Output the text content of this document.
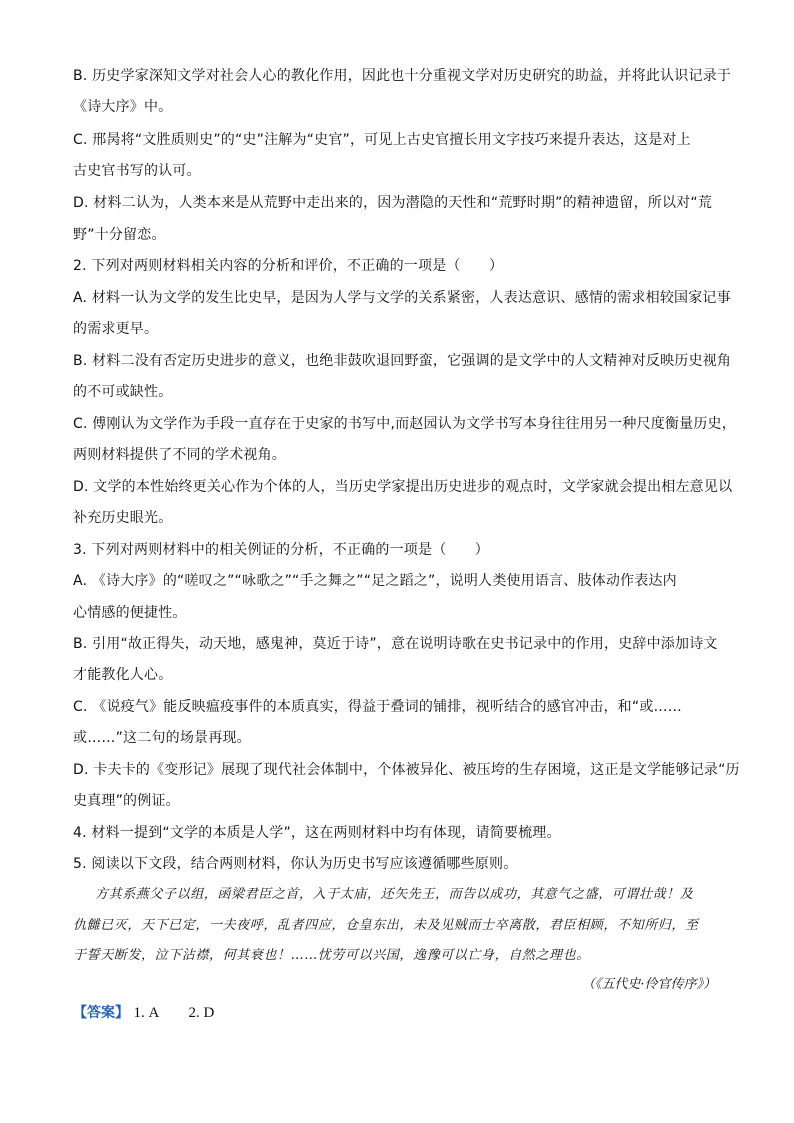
B. 历史学家深知文学对社会人心的教化作用，因此也十分重视文学对历史研究的助益，并将此认识记录于
《诗大序》中。
C. 邢昺将“文胜质则史”的“史”注解为“史官”，可见上古史官擅长用文字技巧来提升表达，这是对上
古史官书写的认可。
D. 材料二认为，人类本来是从荒野中走出来的，因为潜隐的天性和“荒野时期”的精神遗留，所以对“荒
野”十分留恋。
2. 下列对两则材料相关内容的分析和评价，不正确的一项是（　　）
A. 材料一认为文学的发生比史早，是因为人学与文学的关系紧密，人表达意识、感情的需求相较国家记事
的需求更早。
B. 材料二没有否定历史进步的意义，也绝非鼓吹退回野蛮，它强调的是文学中的人文精神对反映历史视角
的不可或缺性。
C. 傅刚认为文学作为手段一直存在于史家的书写中,而赵园认为文学书写本身往往用另一种尺度衡量历史，
两则材料提供了不同的学术视角。
D. 文学的本性始终更关心作为个体的人，当历史学家提出历史进步的观点时，文学家就会提出相左意见以
补充历史眼光。
3. 下列对两则材料中的相关例证的分析，不正确的一项是（　　）
A. 《诗大序》的“嗟叹之”“咏歌之”“手之舞之”“足之蹈之”，说明人类使用语言、肢体动作表达内
心情感的便捷性。
B. 引用“故正得失，动天地，感鬼神，莫近于诗”，意在说明诗歌在史书记录中的作用，史辞中添加诗文
才能教化人心。
C. 《说疫气》能反映瘟疫事件的本质真实，得益于叠词的铺排，视听结合的感官冲击，和“或……
或……”这二句的场景再现。
D. 卡夫卡的《变形记》展现了现代社会体制中，个体被异化、被压垮的生存困境，这正是文学能够记录“历
史真理”的例证。
4. 材料一提到“文学的本质是人学”，这在两则材料中均有体现，请简要梳理。
5. 阅读以下文段，结合两则材料，你认为历史书写应该遵循哪些原则。
方其系燕父子以组，函梁君臣之首，入于太庙，还矢先王，而告以成功，其意气之盛，可谓壮哉！及
仇雠已灭，天下已定，一夫夜呼，乱者四应，仓皇东出，未及见贼而士卒离散，君臣相顾，不知所归，至
于誓天断发，泣下沾襟，何其衰也！……忧劳可以兴国，逸豫可以亡身，自然之理也。
（《五代史·伶官传序》）
【答案】 1. A　　2. D
